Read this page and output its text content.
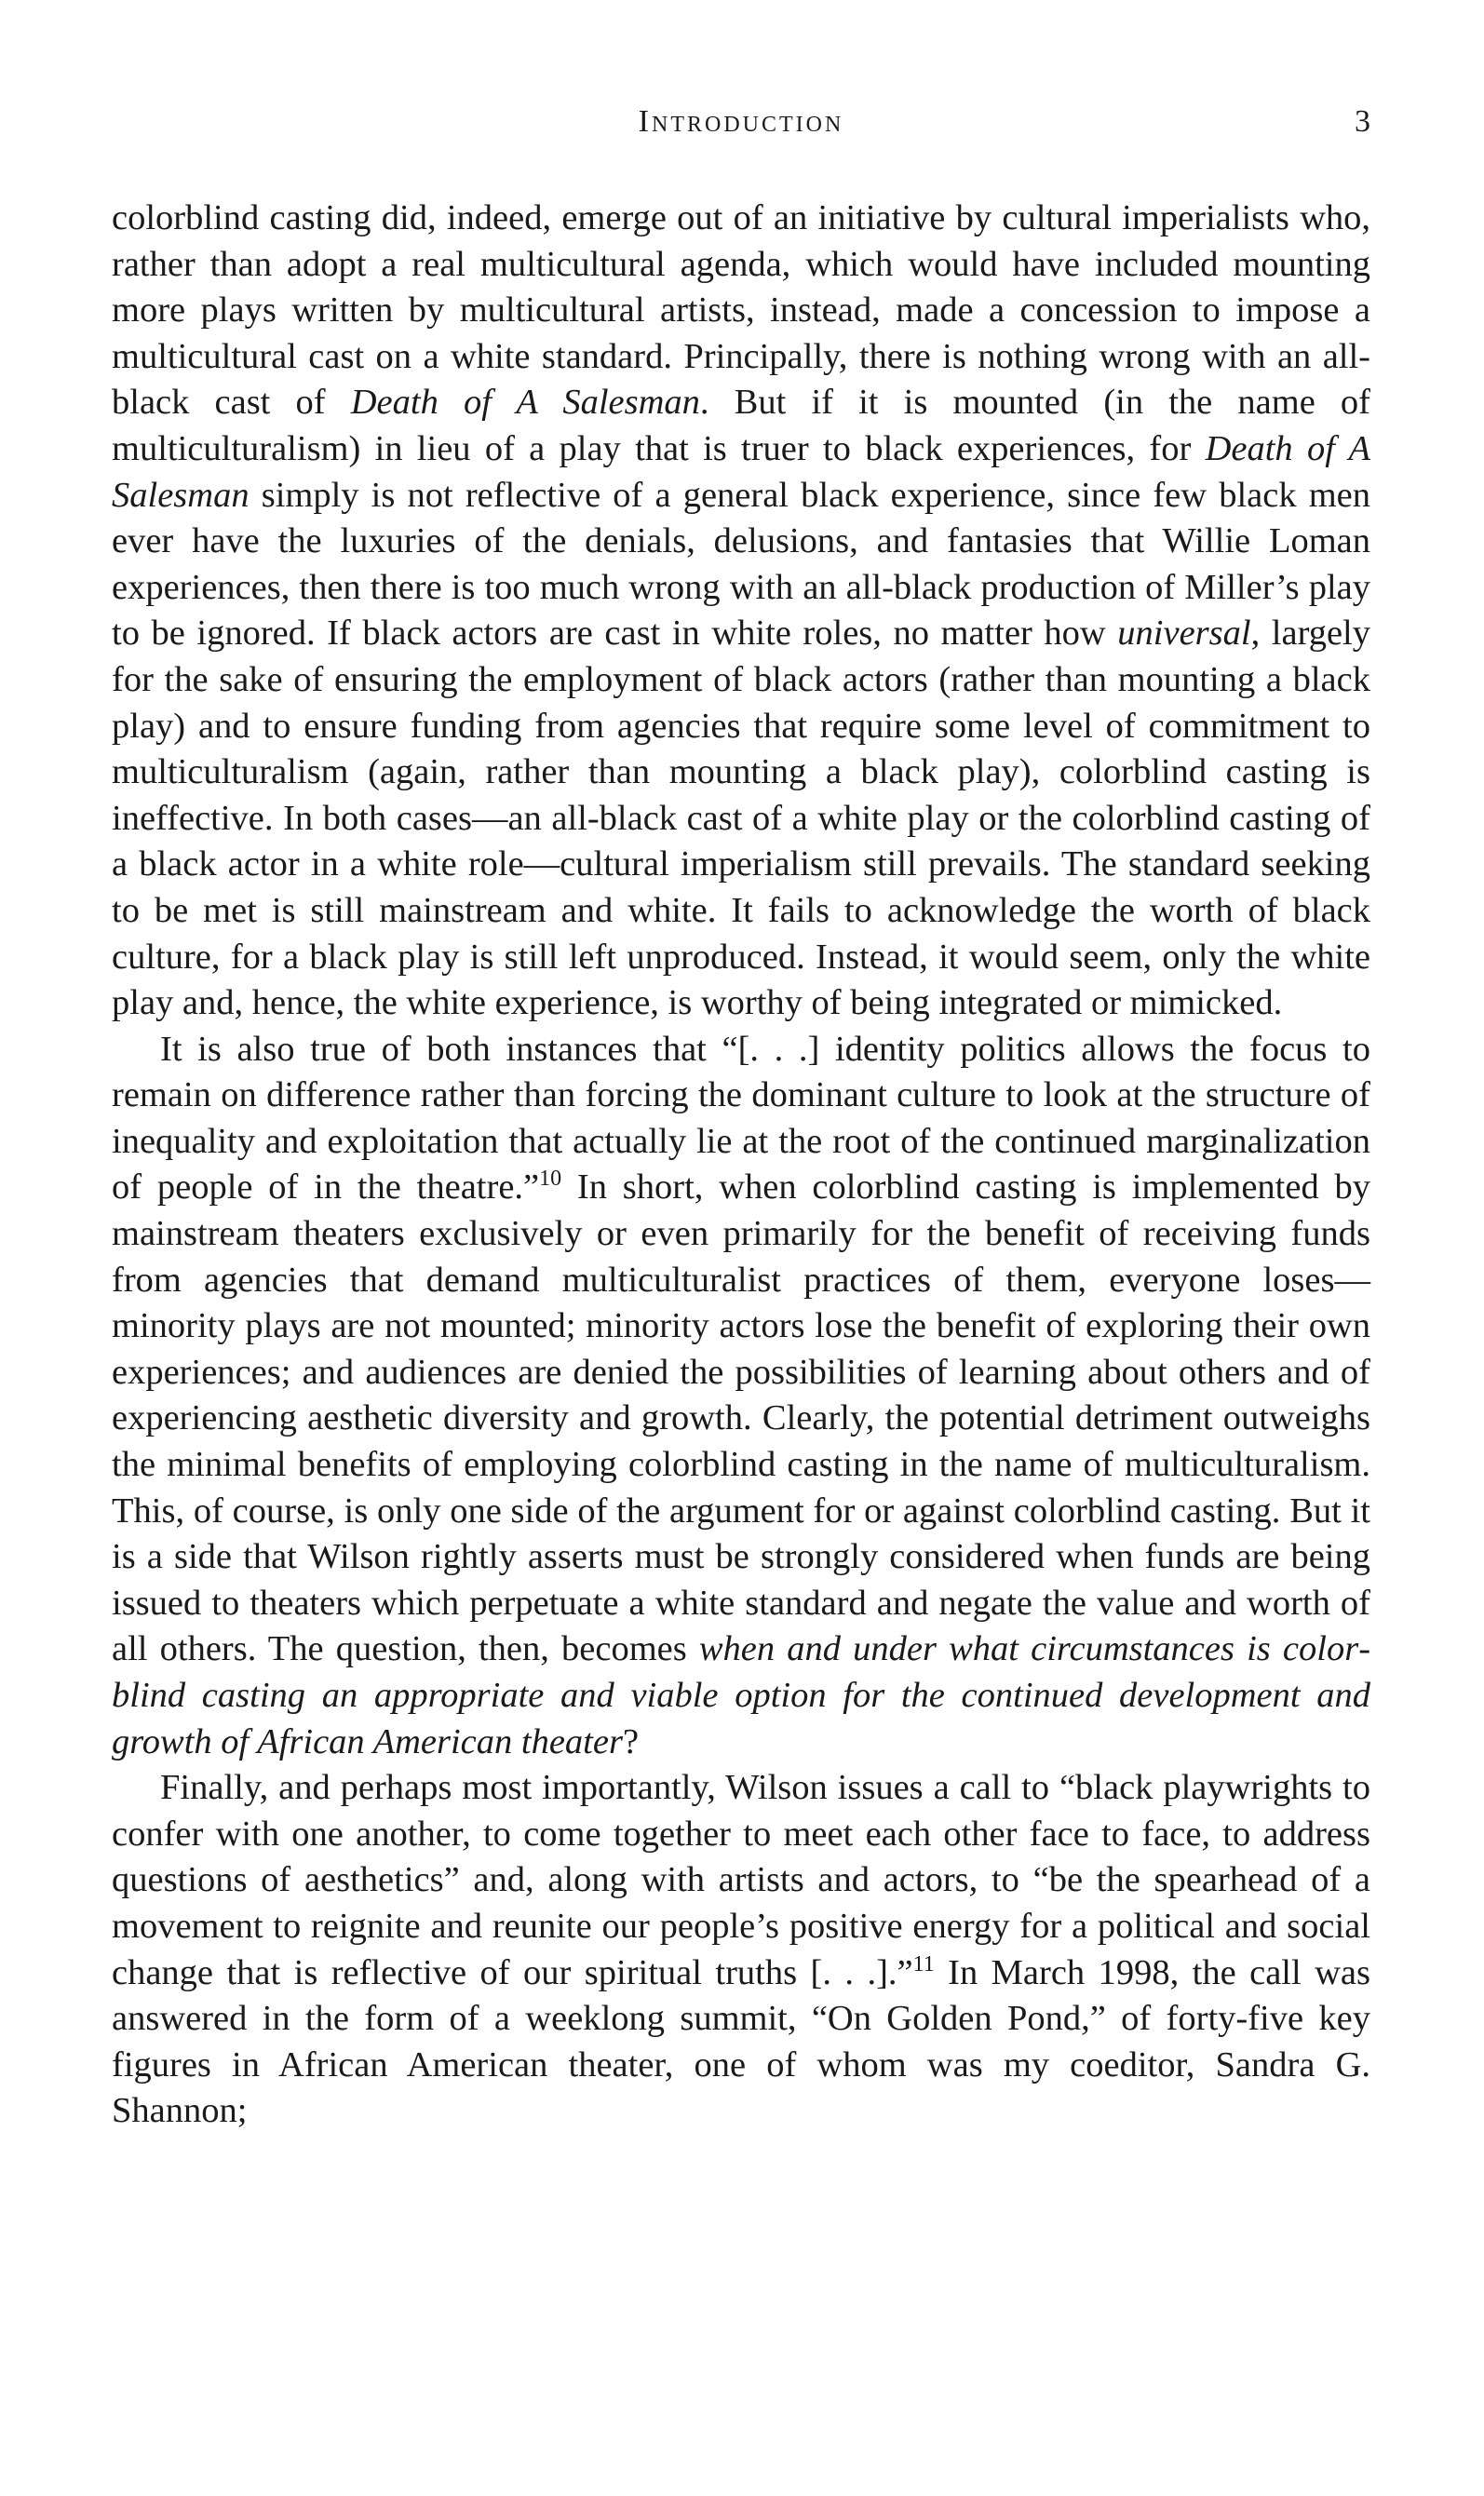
Introduction	3

colorblind casting did, indeed, emerge out of an initiative by cultural imperialists who, rather than adopt a real multicultural agenda, which would have included mounting more plays written by multicultural artists, instead, made a concession to impose a multicultural cast on a white standard. Principally, there is nothing wrong with an all-black cast of Death of A Salesman. But if it is mounted (in the name of multiculturalism) in lieu of a play that is truer to black experiences, for Death of A Salesman simply is not reflective of a general black experience, since few black men ever have the luxuries of the denials, delusions, and fantasies that Willie Loman experiences, then there is too much wrong with an all-black production of Miller’s play to be ignored. If black actors are cast in white roles, no matter how universal, largely for the sake of ensuring the employment of black actors (rather than mounting a black play) and to ensure funding from agencies that require some level of commitment to multiculturalism (again, rather than mounting a black play), colorblind casting is ineffective. In both cases—an all-black cast of a white play or the colorblind casting of a black actor in a white role—cultural imperialism still prevails. The standard seeking to be met is still mainstream and white. It fails to acknowledge the worth of black culture, for a black play is still left unproduced. Instead, it would seem, only the white play and, hence, the white experience, is worthy of being integrated or mimicked.

It is also true of both instances that “[. . .] identity politics allows the focus to remain on difference rather than forcing the dominant culture to look at the structure of inequality and exploitation that actually lie at the root of the continued marginalization of people of in the theatre.”$^{10}$ In short, when colorblind casting is implemented by mainstream theaters exclusively or even primarily for the benefit of receiving funds from agencies that demand multiculturalist practices of them, everyone loses—minority plays are not mounted; minority actors lose the benefit of exploring their own experiences; and audiences are denied the possibilities of learning about others and of experiencing aesthetic diversity and growth. Clearly, the potential detriment outweighs the minimal benefits of employing colorblind casting in the name of multiculturalism. This, of course, is only one side of the argument for or against colorblind casting. But it is a side that Wilson rightly asserts must be strongly considered when funds are being issued to theaters which perpetuate a white standard and negate the value and worth of all others. The question, then, becomes when and under what circumstances is colorblind casting an appropriate and viable option for the continued development and growth of African American theater?

Finally, and perhaps most importantly, Wilson issues a call to “black playwrights to confer with one another, to come together to meet each other face to face, to address questions of aesthetics” and, along with artists and actors, to “be the spearhead of a movement to reignite and reunite our people’s positive energy for a political and social change that is reflective of our spiritual truths [. . .].”$^{11}$ In March 1998, the call was answered in the form of a weeklong summit, “On Golden Pond,” of forty-five key figures in African American theater, one of whom was my coeditor, Sandra G. Shannon;
